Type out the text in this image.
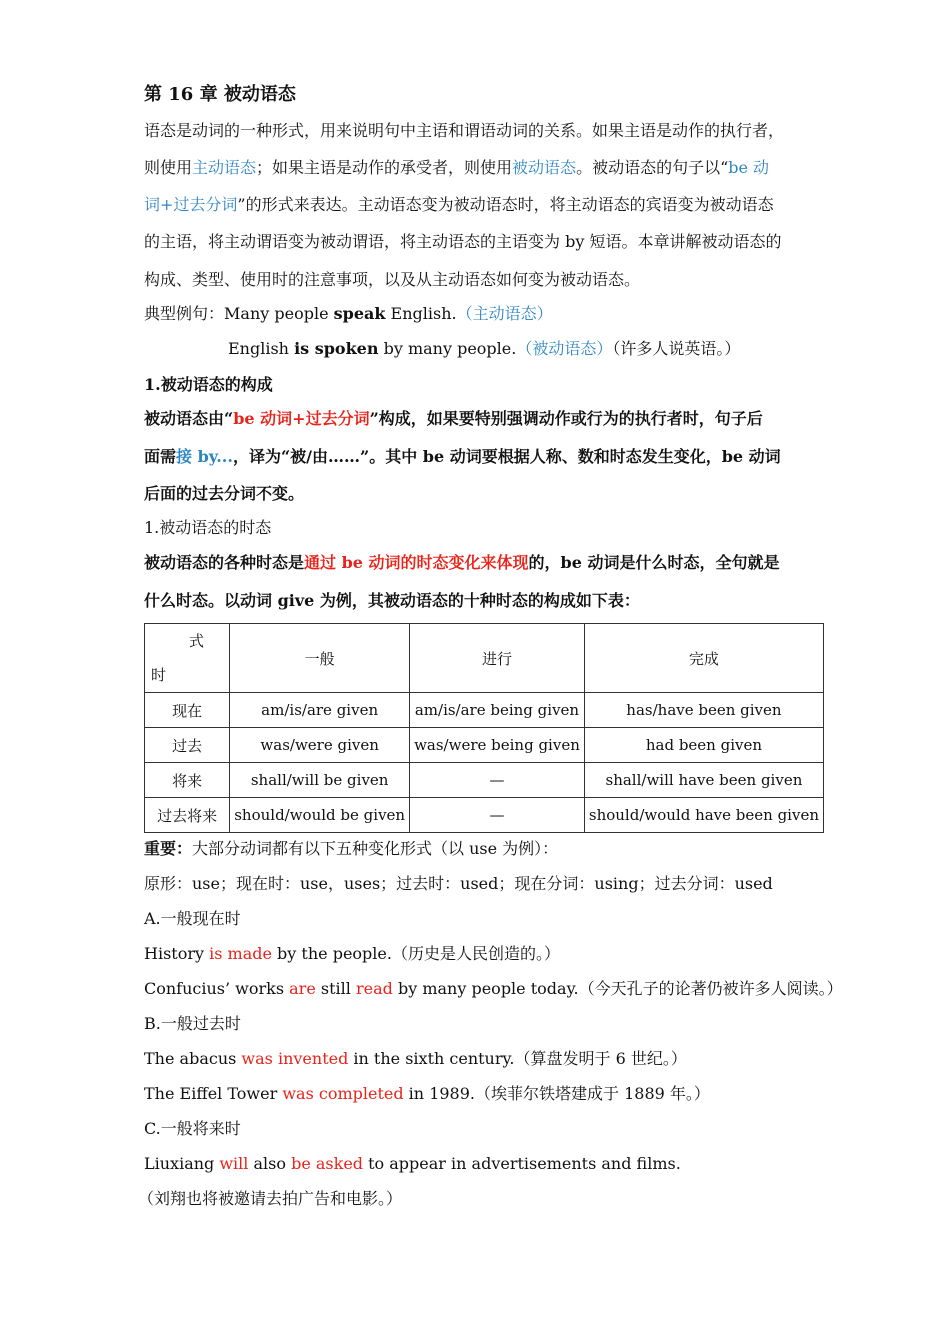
第 16 章 被动语态
语态是动词的一种形式，用来说明句中主语和谓语动词的关系。如果主语是动作的执行者，
则使用主动语态；如果主语是动作的承受者，则使用被动语态。被动语态的句子以“be 动
词+过去分词”的形式来表达。主动语态变为被动语态时，将主动语态的宾语变为被动语态
的主语，将主动谓语变为被动谓语，将主动语态的主语变为 by 短语。本章讲解被动语态的
构成、类型、使用时的注意事项，以及从主动语态如何变为被动语态。
典型例句：Many people speak English.（主动语态）
English is spoken by many people.（被动语态）（许多人说英语。）
1.被动语态的构成
被动语态由“be 动词+过去分词”构成，如果要特别强调动作或行为的执行者时，句子后
面需接 by...，译为“被/由……”。其中 be 动词要根据人称、数和时态发生变化，be 动词
后面的过去分词不变。
1.被动语态的时态
被动语态的各种时态是通过 be 动词的时态变化来体现的，be 动词是什么时态，全句就是
什么时态。以动词 give 为例，其被动语态的十种时态的构成如下表：
式
时	一般	进行	完成
现在	am/is/are given	am/is/are being given	has/have been given
过去	was/were given	was/were being given	had been given
将来	shall/will be given	—	shall/will have been given
过去将来	should/would be given	—	should/would have been given
重要：大部分动词都有以下五种变化形式（以 use 为例）：
原形：use；现在时：use，uses；过去时：used；现在分词：using；过去分词：used
A.一般现在时
History is made by the people.（历史是人民创造的。）
Confucius’ works are still read by many people today.（今天孔子的论著仍被许多人阅读。）
B.一般过去时
The abacus was invented in the sixth century.（算盘发明于 6 世纪。）
The Eiffel Tower was completed in 1989.（埃菲尔铁塔建成于 1889 年。）
C.一般将来时
Liuxiang will also be asked to appear in advertisements and films.
（刘翔也将被邀请去拍广告和电影。）
